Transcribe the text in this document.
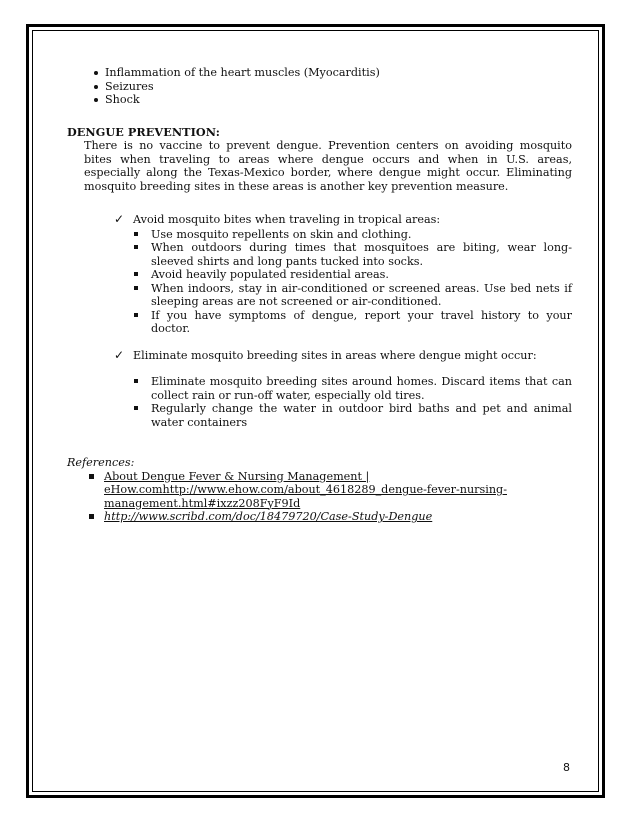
Inflammation of the heart muscles (Myocarditis)
Seizures
Shock
DENGUE PREVENTION:
There is no vaccine to prevent dengue. Prevention centers on avoiding mosquito bites when traveling to areas where dengue occurs and when in U.S. areas, especially along the Texas-Mexico border, where dengue might occur. Eliminating mosquito breeding sites in these areas is another key prevention measure.
✓ Avoid mosquito bites when traveling in tropical areas:
Use mosquito repellents on skin and clothing.
When outdoors during times that mosquitoes are biting, wear long-sleeved shirts and long pants tucked into socks.
Avoid heavily populated residential areas.
When indoors, stay in air-conditioned or screened areas. Use bed nets if sleeping areas are not screened or air-conditioned.
If you have symptoms of dengue, report your travel history to your doctor.
✓ Eliminate mosquito breeding sites in areas where dengue might occur:
Eliminate mosquito breeding sites around homes. Discard items that can collect rain or run-off water, especially old tires.
Regularly change the water in outdoor bird baths and pet and animal water containers
References:
About Dengue Fever & Nursing Management | eHow.comhttp://www.ehow.com/about_4618289_dengue-fever-nursing-management.html#ixzz208FyF9Id
http://www.scribd.com/doc/18479720/Case-Study-Dengue
8
